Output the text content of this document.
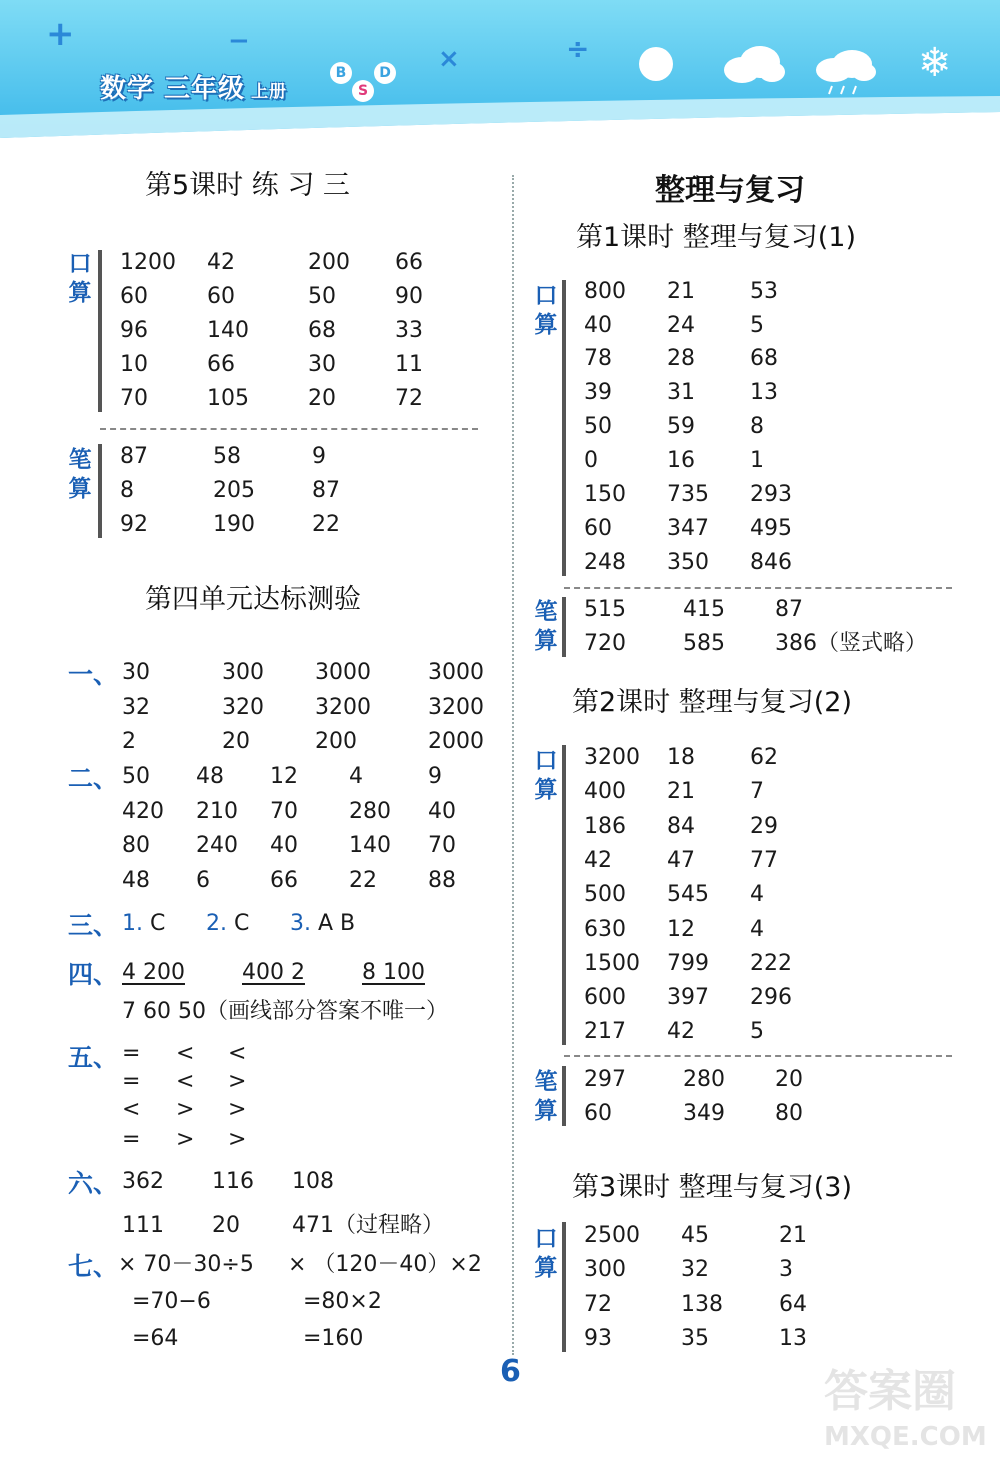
+	−
×	÷	❄
数学 三年级 上册
B
S
D
第5课时 练 习 三
口算
1200 42	200 66
60	60	50	90
96	140	68	33
10	66	30	11
70	105	20	72
笔算
87	58	9
8	205	87
92	190	22
第四单元达标测验
一、 30	300 3000	3000
32	320 3200	3200
2	20	200	2000
二、 50 48 12 4	9
420 210 70 280 40
80 240 40 140 70
48 6	66 22 88
三、 1. C 2. C 3. A B
四、 4 200	400 2	8 100
7 60 50（画线部分答案不唯一）
五、 = < <
= < >
< > >
= > >
六、 362 116 108
111 20 471（过程略）
七、 × 70－30÷5 × （120－40）×2
=70−6	=80×2
=64	=160
整理与复习
第1课时 整理与复习(1)
口算
800 21	53
40	24	5
78	28	68
39	31	13
50	59	8
0	16	1
150 735 293
60	347 495
248 350 846
笔算
515	415 87
720	585 386（竖式略）
第2课时 整理与复习(2)
口算
3200 18	62
400 21	7
186 84	29
42	47	77
500 545 4
630 12	4
1500 799 222
600 397 296
217 42	5
笔算
297	280 20
60	349 80
第3课时 整理与复习(3)
口算
2500 45	21
300	32	3
72	138	64
93	35	13
6	答案圈
MXQE.COM
